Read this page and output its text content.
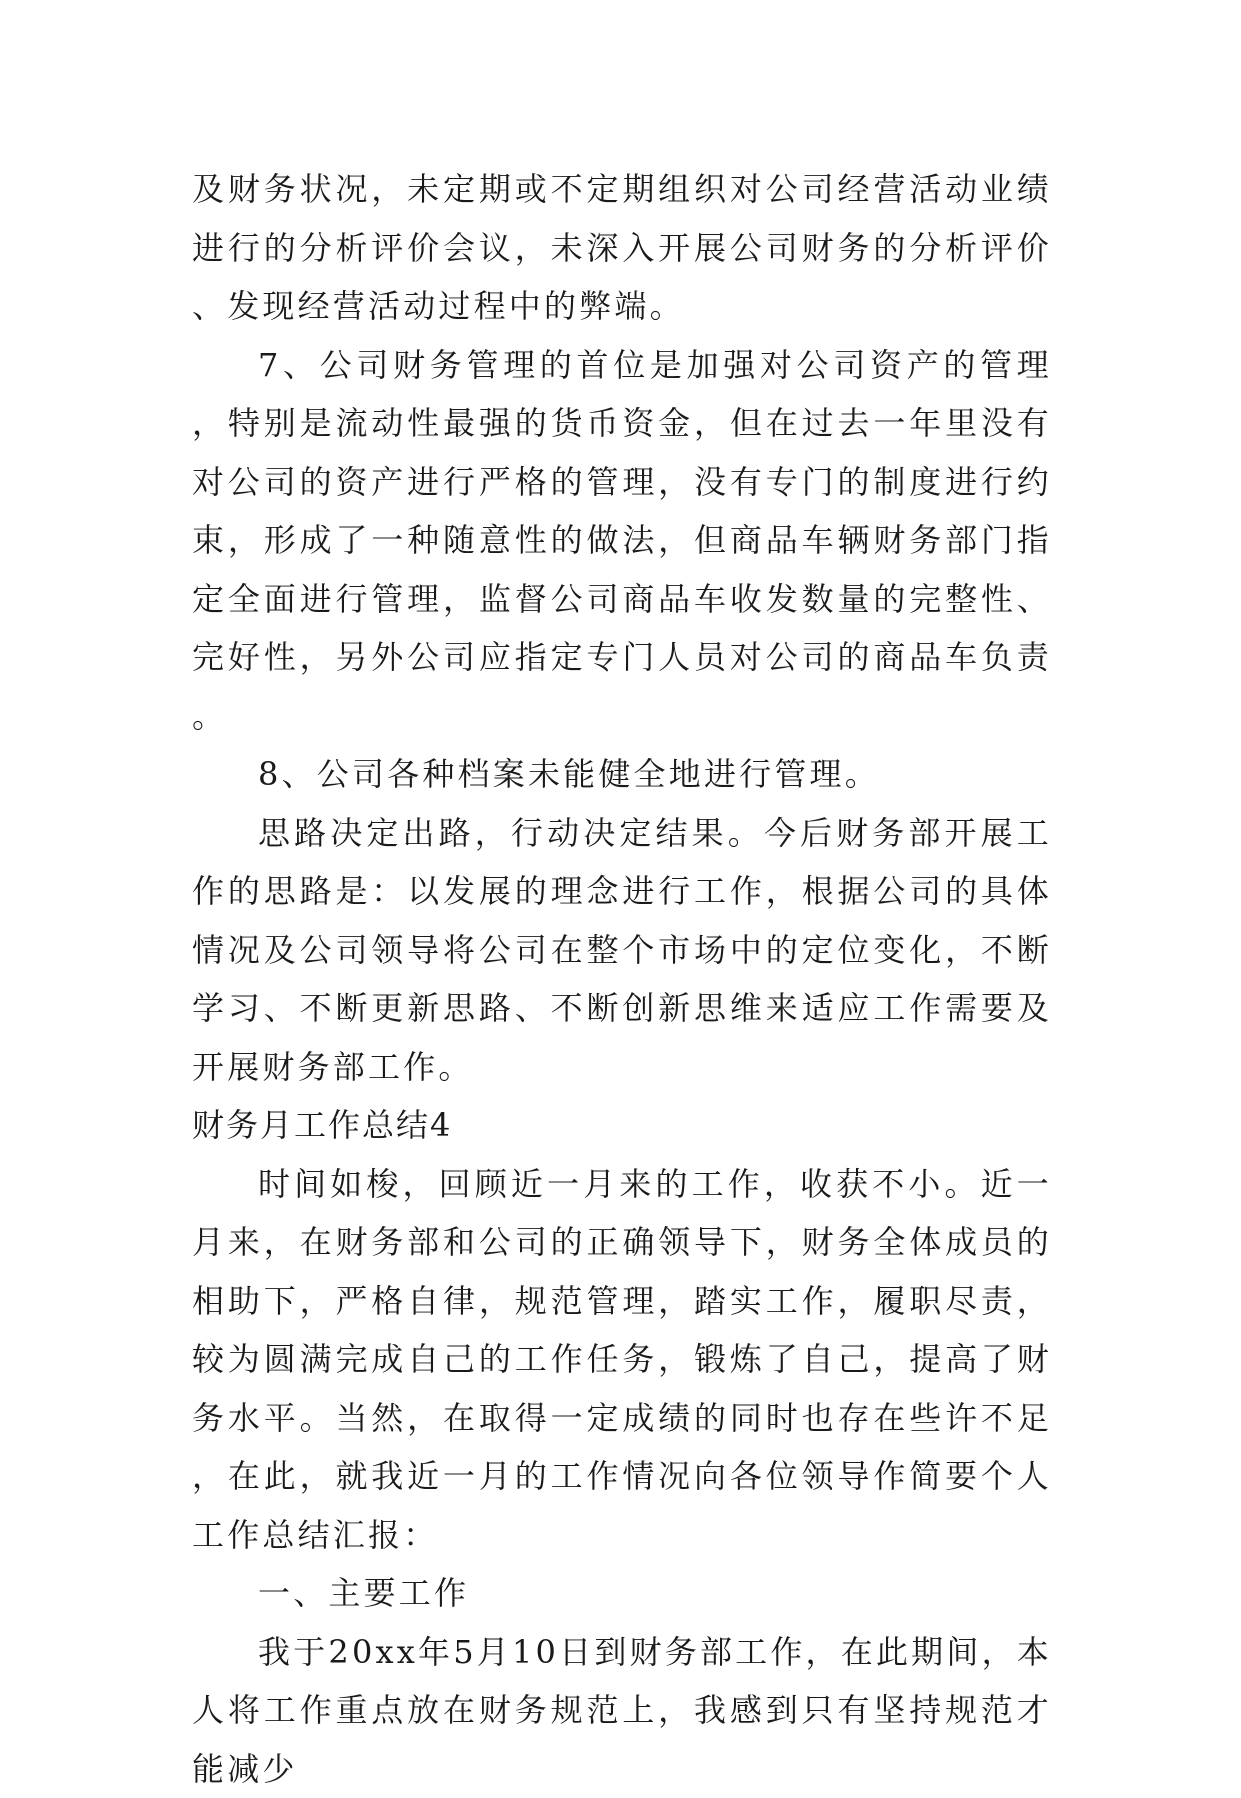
及财务状况，未定期或不定期组织对公司经营活动业绩进行的分析评价会议，未深入开展公司财务的分析评价、发现经营活动过程中的弊端。

7、公司财务管理的首位是加强对公司资产的管理，特别是流动性最强的货币资金，但在过去一年里没有对公司的资产进行严格的管理，没有专门的制度进行约束，形成了一种随意性的做法，但商品车辆财务部门指定全面进行管理，监督公司商品车收发数量的完整性、完好性，另外公司应指定专门人员对公司的商品车负责。

8、公司各种档案未能健全地进行管理。

思路决定出路，行动决定结果。今后财务部开展工作的思路是：以发展的理念进行工作，根据公司的具体情况及公司领导将公司在整个市场中的定位变化，不断学习、不断更新思路、不断创新思维来适应工作需要及开展财务部工作。

财务月工作总结4

时间如梭，回顾近一月来的工作，收获不小。近一月来，在财务部和公司的正确领导下，财务全体成员的相助下，严格自律，规范管理，踏实工作，履职尽责，较为圆满完成自己的工作任务，锻炼了自己，提高了财务水平。当然，在取得一定成绩的同时也存在些许不足，在此，就我近一月的工作情况向各位领导作简要个人工作总结汇报：

一、主要工作

我于20xx年5月10日到财务部工作，在此期间，本人将工作重点放在财务规范上，我感到只有坚持规范才能减少
